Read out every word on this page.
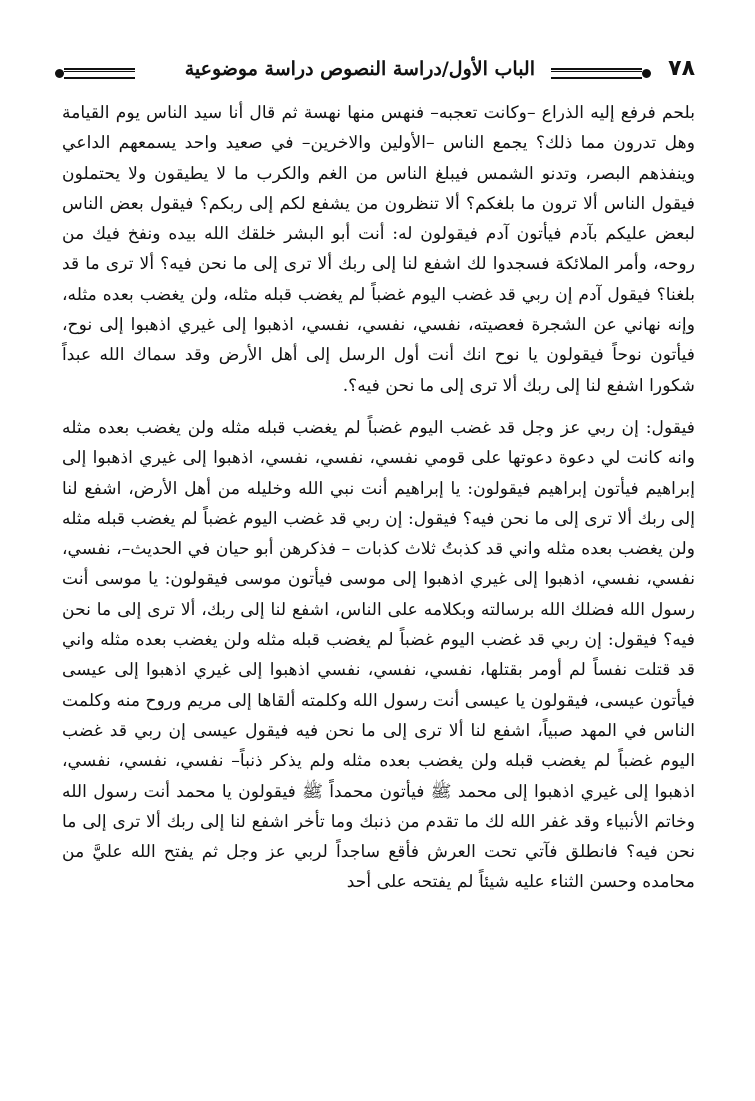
٧٨
الباب الأول/دراسة النصوص دراسة موضوعية

بلحم فرفع إليه الذراع –وكانت تعجبه– فنهس منها نهسة ثم قال أنا سيد الناس يوم القيامة وهل تدرون مما ذلك؟ يجمع الناس –الأولين والاخرين– في صعيد واحد يسمعهم الداعي وينفذهم البصر، وتدنو الشمس فيبلغ الناس من الغم والكرب ما لا يطيقون ولا يحتملون فيقول الناس ألا ترون ما بلغكم؟ ألا تنظرون من يشفع لكم إلى ربكم؟ فيقول بعض الناس لبعض عليكم بآدم فيأتون آدم فيقولون له: أنت أبو البشر خلقك الله بيده ونفخ فيك من روحه، وأمر الملائكة فسجدوا لك اشفع لنا إلى ربك ألا ترى إلى ما نحن فيه؟ ألا ترى ما قد بلغنا؟ فيقول آدم إن ربي قد غضب اليوم غضباً لم يغضب قبله مثله، ولن يغضب بعده مثله، وإنه نهاني عن الشجرة فعصيته، نفسي، نفسي، نفسي، اذهبوا إلى غيري اذهبوا إلى نوح، فيأتون نوحاً فيقولون يا نوح انك أنت أول الرسل إلى أهل الأرض وقد سماك الله عبداً شكورا اشفع لنا إلى ربك ألا ترى إلى ما نحن فيه؟.

فيقول: إن ربي عز وجل قد غضب اليوم غضباً لم يغضب قبله مثله ولن يغضب بعده مثله وانه كانت لي دعوة دعوتها على قومي نفسي، نفسي، نفسي، اذهبوا إلى غيري اذهبوا إلى إبراهيم فيأتون إبراهيم فيقولون: يا إبراهيم أنت نبي الله وخليله من أهل الأرض، اشفع لنا إلى ربك ألا ترى إلى ما نحن فيه؟ فيقول: إن ربي قد غضب اليوم غضباً لم يغضب قبله مثله ولن يغضب بعده مثله واني قد كذبتُ ثلاث كذبات – فذكرهن أبو حيان في الحديث–، نفسي، نفسي، نفسي، اذهبوا إلى غيري اذهبوا إلى موسى فيأتون موسى فيقولون: يا موسى أنت رسول الله فضلك الله برسالته وبكلامه على الناس، اشفع لنا إلى ربك، ألا ترى إلى ما نحن فيه؟ فيقول: إن ربي قد غضب اليوم غضباً لم يغضب قبله مثله ولن يغضب بعده مثله واني قد قتلت نفساً لم أومر بقتلها، نفسي، نفسي، نفسي اذهبوا إلى غيري اذهبوا إلى عيسى فيأتون عيسى، فيقولون يا عيسى أنت رسول الله وكلمته ألقاها إلى مريم وروح منه وكلمت الناس في المهد صبياً، اشفع لنا ألا ترى إلى ما نحن فيه فيقول عيسى إن ربي قد غضب اليوم غضباً لم يغضب قبله ولن يغضب بعده مثله ولم يذكر ذنباً– نفسي، نفسي، نفسي، اذهبوا إلى غيري اذهبوا إلى محمد ﷺ فيأتون محمداً ﷺ فيقولون يا محمد أنت رسول الله وخاتم الأنبياء وقد غفر الله لك ما تقدم من ذنبك وما تأخر اشفع لنا إلى ربك ألا ترى إلى ما نحن فيه؟ فانطلق فآتي تحت العرش فأقع ساجداً لربي عز وجل ثم يفتح الله عليَّ من محامده وحسن الثناء عليه شيئاً لم يفتحه على أحد
